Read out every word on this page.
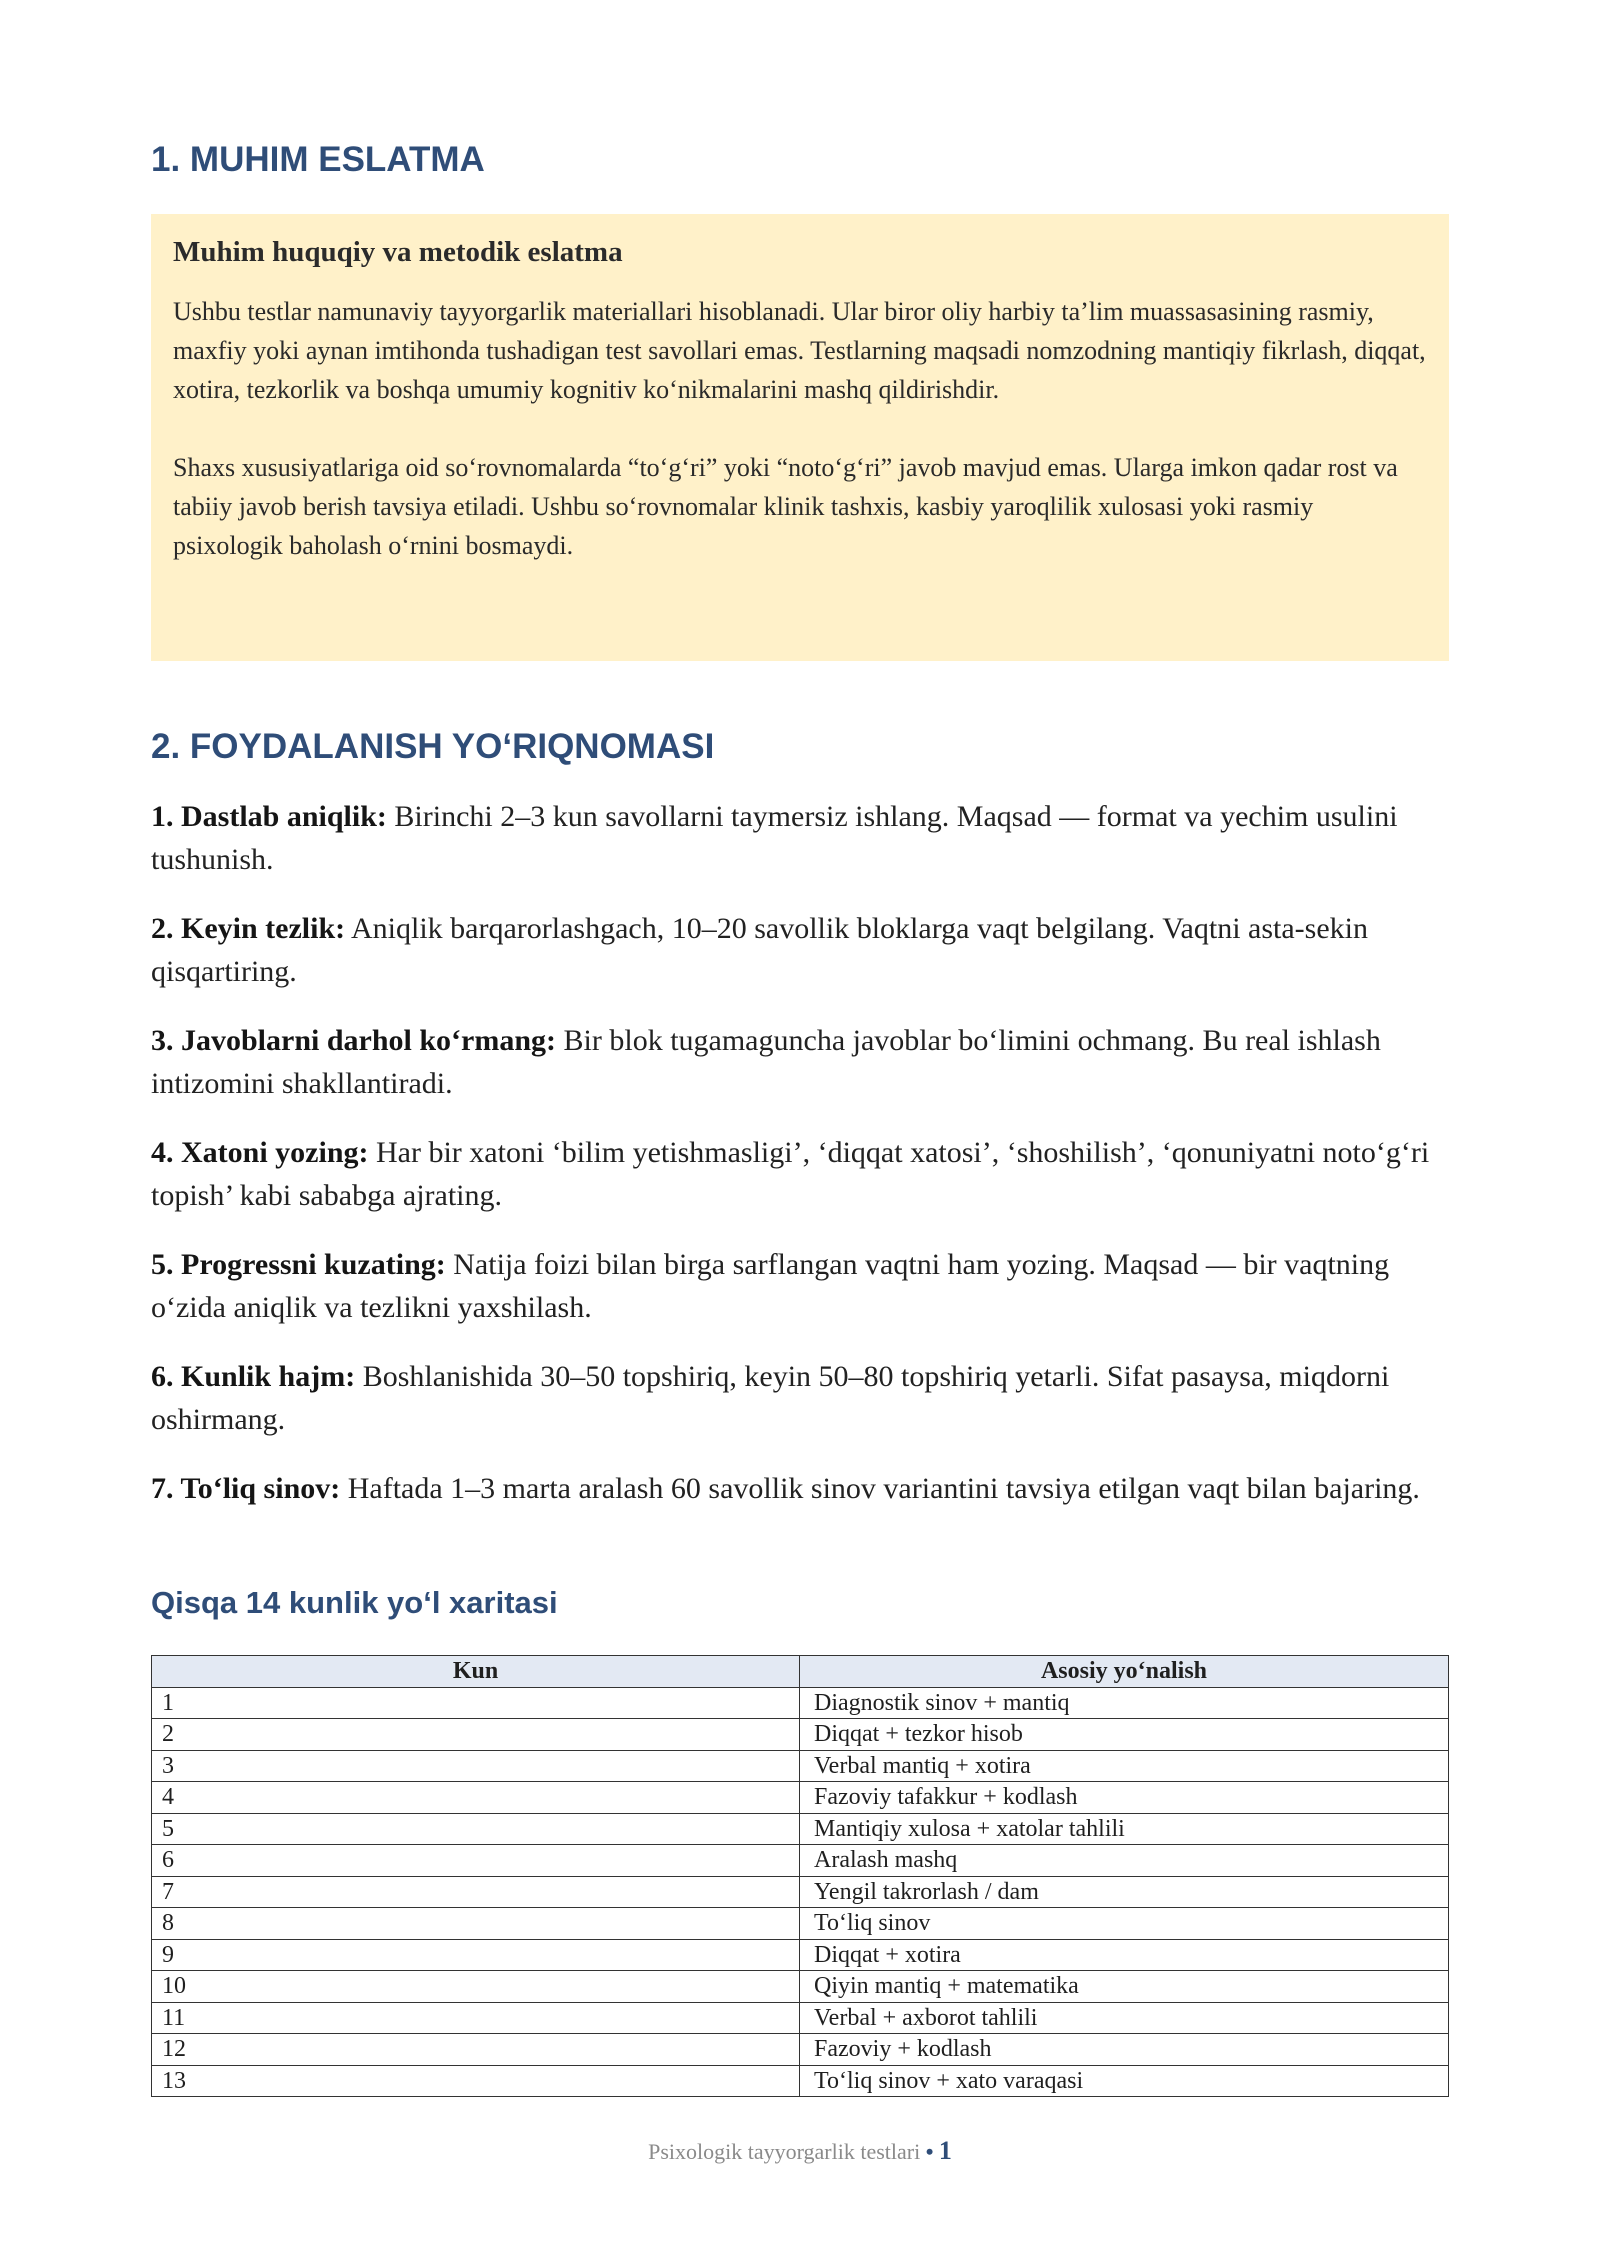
1. MUHIM ESLATMA
Muhim huquqiy va metodik eslatma

Ushbu testlar namunaviy tayyorgarlik materiallari hisoblanadi. Ular biror oliy harbiy ta’lim muassasasining rasmiy, maxfiy yoki aynan imtihonda tushadigan test savollari emas. Testlarning maqsadi nomzodning mantiqiy fikrlash, diqqat, xotira, tezkorlik va boshqa umumiy kognitiv ko‘nikmalarini mashq qildirishdir.

Shaxs xususiyatlariga oid so‘rovnomalarda “to‘g‘ri” yoki “noto‘g‘ri” javob mavjud emas. Ularga imkon qadar rost va tabiiy javob berish tavsiya etiladi. Ushbu so‘rovnomalar klinik tashxis, kasbiy yaroqlilik xulosasi yoki rasmiy psixologik baholash o‘rnini bosmaydi.

2. FOYDALANISH YO‘RIQNOMASI

1. Dastlab aniqlik: Birinchi 2–3 kun savollarni taymersiz ishlang. Maqsad — format va yechim usulini tushunish.

2. Keyin tezlik: Aniqlik barqarorlashgach, 10–20 savollik bloklarga vaqt belgilang. Vaqtni asta-sekin qisqartiring.

3. Javoblarni darhol ko‘rmang: Bir blok tugamaguncha javoblar bo‘limini ochmang. Bu real ishlash intizomini shakllantiradi.

4. Xatoni yozing: Har bir xatoni ‘bilim yetishmasligi’, ‘diqqat xatosi’, ‘shoshilish’, ‘qonuniyatni noto‘g‘ri topish’ kabi sababga ajrating.

5. Progressni kuzating: Natija foizi bilan birga sarflangan vaqtni ham yozing. Maqsad — bir vaqtning o‘zida aniqlik va tezlikni yaxshilash.

6. Kunlik hajm: Boshlanishida 30–50 topshiriq, keyin 50–80 topshiriq yetarli. Sifat pasaysa, miqdorni oshirmang.

7. To‘liq sinov: Haftada 1–3 marta aralash 60 savollik sinov variantini tavsiya etilgan vaqt bilan bajaring.

Qisqa 14 kunlik yo‘l xaritasi
Kun	Asosiy yo‘nalish
1	Diagnostik sinov + mantiq
2	Diqqat + tezkor hisob
3	Verbal mantiq + xotira
4	Fazoviy tafakkur + kodlash
5	Mantiqiy xulosa + xatolar tahlili
6	Aralash mashq
7	Yengil takrorlash / dam
8	To‘liq sinov
9	Diqqat + xotira
10	Qiyin mantiq + matematika
11	Verbal + axborot tahlili
12	Fazoviy + kodlash
13	To‘liq sinov + xato varaqasi
Psixologik tayyorgarlik testlari • 1
